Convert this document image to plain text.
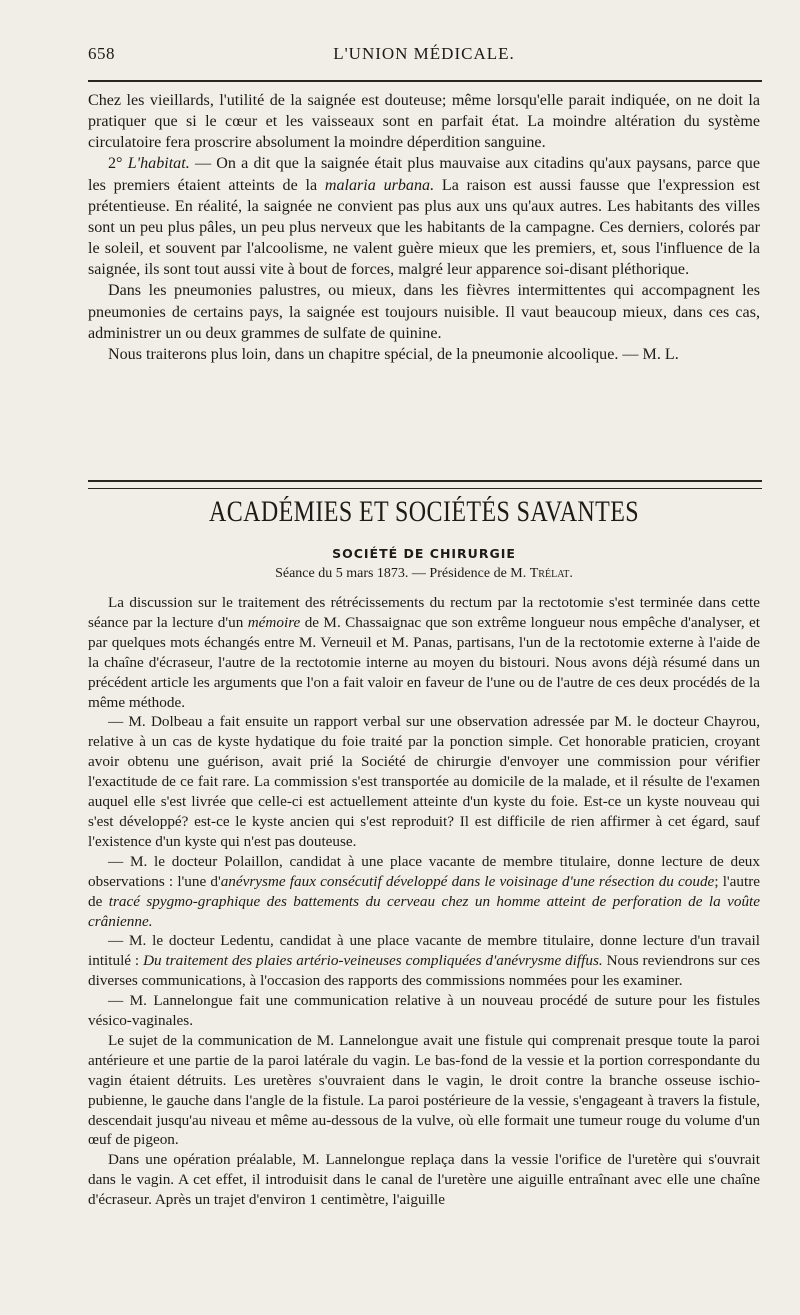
658	L'UNION MÉDICALE.

Chez les vieillards, l'utilité de la saignée est douteuse; même lorsqu'elle parait indiquée, on ne doit la pratiquer que si le cœur et les vaisseaux sont en parfait état. La moindre altération du système circulatoire fera proscrire absolument la moindre déperdition sanguine.

2° L'habitat. — On a dit que la saignée était plus mauvaise aux citadins qu'aux paysans, parce que les premiers étaient atteints de la malaria urbana. La raison est aussi fausse que l'expression est prétentieuse. En réalité, la saignée ne convient pas plus aux uns qu'aux autres. Les habitants des villes sont un peu plus pâles, un peu plus nerveux que les habitants de la campagne. Ces derniers, colorés par le soleil, et souvent par l'alcoolisme, ne valent guère mieux que les premiers, et, sous l'influence de la saignée, ils sont tout aussi vite à bout de forces, malgré leur apparence soi-disant pléthorique.

Dans les pneumonies palustres, ou mieux, dans les fièvres intermittentes qui accompagnent les pneumonies de certains pays, la saignée est toujours nuisible. Il vaut beaucoup mieux, dans ces cas, administrer un ou deux grammes de sulfate de quinine.

Nous traiterons plus loin, dans un chapitre spécial, de la pneumonie alcoolique. — M. L.

ACADÉMIES ET SOCIÉTÉS SAVANTES
SOCIÉTÉ DE CHIRURGIE
Séance du 5 mars 1873. — Présidence de M. Trélat.

La discussion sur le traitement des rétrécissements du rectum par la rectotomie s'est terminée dans cette séance par la lecture d'un mémoire de M. Chassaignac que son extrême longueur nous empêche d'analyser, et par quelques mots échangés entre M. Verneuil et M. Panas, partisans, l'un de la rectotomie externe à l'aide de la chaîne d'écraseur, l'autre de la rectotomie interne au moyen du bistouri. Nous avons déjà résumé dans un précédent article les arguments que l'on a fait valoir en faveur de l'une ou de l'autre de ces deux procédés de la même méthode.

— M. Dolbeau a fait ensuite un rapport verbal sur une observation adressée par M. le docteur Chayrou, relative à un cas de kyste hydatique du foie traité par la ponction simple. Cet honorable praticien, croyant avoir obtenu une guérison, avait prié la Société de chirurgie d'envoyer une commission pour vérifier l'exactitude de ce fait rare. La commission s'est transportée au domicile de la malade, et il résulte de l'examen auquel elle s'est livrée que celle-ci est actuellement atteinte d'un kyste du foie. Est-ce un kyste nouveau qui s'est développé? est-ce le kyste ancien qui s'est reproduit? Il est difficile de rien affirmer à cet égard, sauf l'existence d'un kyste qui n'est pas douteuse.

— M. le docteur Polaillon, candidat à une place vacante de membre titulaire, donne lecture de deux observations : l'une d'anévrysme faux consécutif développé dans le voisinage d'une résection du coude; l'autre de tracé spygmo-graphique des battements du cerveau chez un homme atteint de perforation de la voûte crânienne.

— M. le docteur Ledentu, candidat à une place vacante de membre titulaire, donne lecture d'un travail intitulé : Du traitement des plaies artério-veineuses compliquées d'anévrysme diffus. Nous reviendrons sur ces diverses communications, à l'occasion des rapports des commissions nommées pour les examiner.

— M. Lannelongue fait une communication relative à un nouveau procédé de suture pour les fistules vésico-vaginales.

Le sujet de la communication de M. Lannelongue avait une fistule qui comprenait presque toute la paroi antérieure et une partie de la paroi latérale du vagin. Le bas-fond de la vessie et la portion correspondante du vagin étaient détruits. Les uretères s'ouvraient dans le vagin, le droit contre la branche osseuse ischio-pubienne, le gauche dans l'angle de la fistule. La paroi postérieure de la vessie, s'engageant à travers la fistule, descendait jusqu'au niveau et même au-dessous de la vulve, où elle formait une tumeur rouge du volume d'un œuf de pigeon.

Dans une opération préalable, M. Lannelongue replaça dans la vessie l'orifice de l'uretère qui s'ouvrait dans le vagin. A cet effet, il introduisit dans le canal de l'uretère une aiguille entraînant avec elle une chaîne d'écraseur. Après un trajet d'environ 1 centimètre, l'aiguille
